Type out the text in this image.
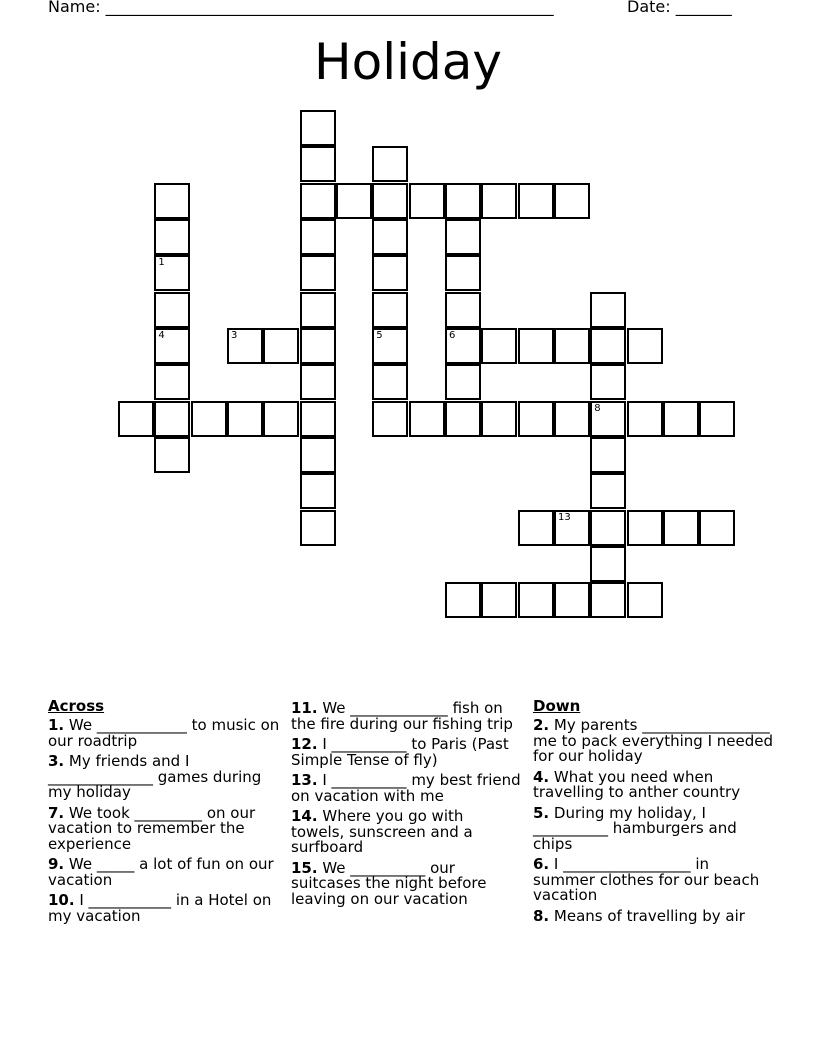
Name: ________________________________________________________	Date: _______
Holiday
1
4	5	6
8
3
13
Across
1. We ____________ to music on our roadtrip
3. My friends and I ______________ games during my holiday
7. We took _________ on our vacation to remember the experience
9. We _____ a lot of fun on our vacation
10. I ___________ in a Hotel on my vacation
11. We _____________ fish on the fire during our fishing trip
12. I __________ to Paris (Past Simple Tense of fly)
13. I __________ my best friend on vacation with me
14. Where you go with towels, sunscreen and a surfboard
15. We __________ our suitcases the night before leaving on our vacation
Down
2. My parents _________________ me to pack everything I needed for our holiday
4. What you need when travelling to anther country
5. During my holiday, I __________ hamburgers and chips
6. I _________________ in summer clothes for our beach vacation
8. Means of travelling by air
